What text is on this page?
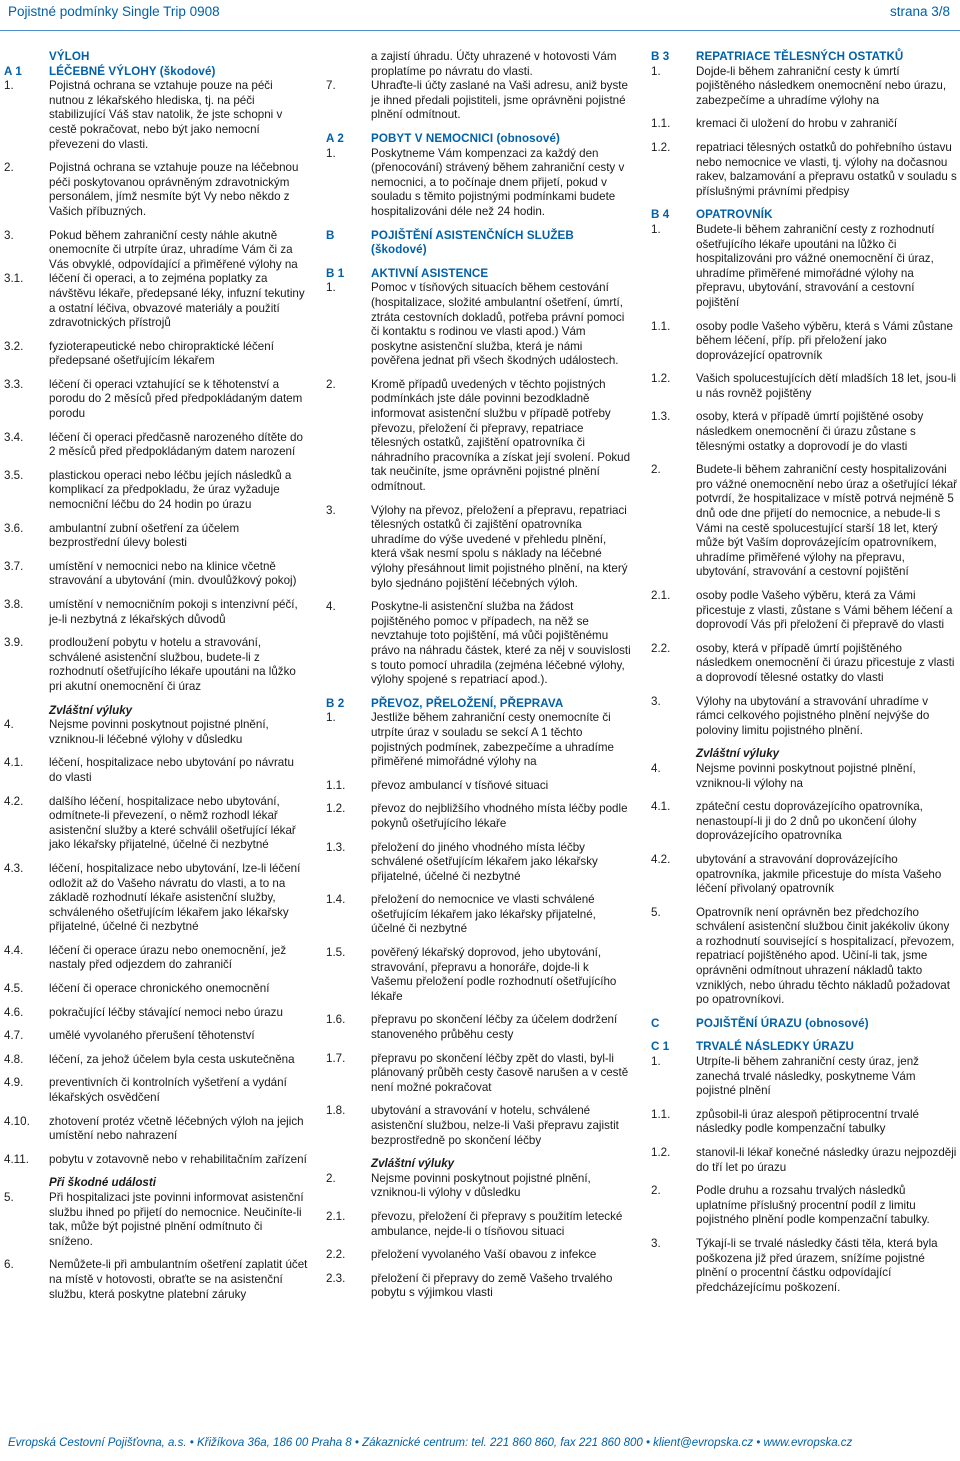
Pojistné podmínky Single Trip 0908	strana 3/8
VÝLOH
A 1	LÉČEBNÉ VÝLOHY (škodové)
1.	Pojistná ochrana se vztahuje pouze na péči nutnou z lékařského hlediska, tj. na péči stabilizující Váš stav natolik, že jste schopni v cestě pokračovat, nebo být jako nemocní převezeni do vlasti.
2.	Pojistná ochrana se vztahuje pouze na léčebnou péči poskytovanou oprávněným zdravotnickým personálem, jímž nesmíte být Vy nebo někdo z Vašich příbuzných.
3.	Pokud během zahraniční cesty náhle akutně onemocníte či utrpíte úraz, uhradíme Vám či za Vás obvyklé, odpovídající a přiměřené výlohy na
3.1.	léčení či operaci, a to zejména poplatky za návštěvu lékaře, předepsané léky, infuzní tekutiny a ostatní léčiva, obvazové materiály a použití zdravotnických přístrojů
3.2.	fyzioterapeutické nebo chiropraktické léčení předepsané ošetřujícím lékařem
3.3.	léčení či operaci vztahující se k těhotenství a porodu do 2 měsíců před předpokládaným datem porodu
3.4.	léčení či operaci předčasně narozeného dítěte do 2 měsíců před předpokládaným datem narození
3.5.	plastickou operaci nebo léčbu jejích následků a komplikací za předpokladu, že úraz vyžaduje nemocniční léčbu do 24 hodin po úrazu
3.6.	ambulantní zubní ošetření za účelem bezprostřední úlevy bolesti
3.7.	umístění v nemocnici nebo na klinice včetně stravování a ubytování (min. dvoulůžkový pokoj)
3.8.	umístění v nemocničním pokoji s intenzivní péčí, je-li nezbytná z lékařských důvodů
3.9.	prodloužení pobytu v hotelu a stravování, schválené asistenční službou, budete-li z rozhodnutí ošetřujícího lékaře upoutáni na lůžko pri akutní onemocnění či úraz
Zvláštní výluky
4.	Nejsme povinni poskytnout pojistné plnění, vzniknou-li léčebné výlohy v důsledku
4.1.	léčení, hospitalizace nebo ubytování po návratu do vlasti
4.2.	dalšího léčení, hospitalizace nebo ubytování, odmítnete-li převezení, o němž rozhodl lékař asistenční služby a které schválil ošetřující lékař jako lékařsky přijatelné, účelné či nezbytné
4.3.	léčení, hospitalizace nebo ubytování, lze-li léčení odložit až do Vašeho návratu do vlasti, a to na základě rozhodnutí lékaře asistenční služby, schváleného ošetřujícím lékařem jako lékařsky přijatelné, účelné či nezbytné
4.4.	léčení či operace úrazu nebo onemocnění, jež nastaly před odjezdem do zahraničí
4.5.	léčení či operace chronického onemocnění
4.6.	pokračující léčby stávající nemoci nebo úrazu
4.7.	umělé vyvolaného přerušení těhotenství
4.8.	léčení, za jehož účelem byla cesta uskutečněna
4.9.	preventivních či kontrolních vyšetření a vydání lékařských osvědčení
4.10.	zhotovení protéz včetně léčebných výloh na jejich umístění nebo nahrazení
4.11.	pobytu v zotavovně nebo v rehabilitačním zařízení
Při škodné události
5.	Při hospitalizaci jste povinni informovat asistenční službu ihned po přijetí do nemocnice. Neučiníte-li tak, může být pojistné plnění odmítnuto či sníženo.
6.	Nemůžete-li při ambulantním ošetření zaplatit účet na místě v hotovosti, obraťte se na asistenční službu, která poskytne platební záruky
a zajistí úhradu. Účty uhrazené v hotovosti Vám proplatíme po návratu do vlasti.
7.	Uhraďte-li účty zaslané na Vaši adresu, aniž byste je ihned předali pojistiteli, jsme oprávněni pojistné plnění odmítnout.
A 2	POBYT V NEMOCNICI (obnosové)
1.	Poskytneme Vám kompenzaci za každý den (přenocování) strávený během zahraniční cesty v nemocnici, a to počínaje dnem přijetí, pokud v souladu s těmito pojistnými podmínkami budete hospitalizováni déle než 24 hodin.
B	POJIŠTĚNÍ ASISTENČNÍCH SLUŽEB (škodové)
B 1	AKTIVNÍ ASISTENCE
1.	Pomoc v tísňových situacích během cestování (hospitalizace, složité ambulantní ošetření, úmrtí, ztráta cestovních dokladů, potřeba právní pomoci či kontaktu s rodinou ve vlasti apod.) Vám poskytne asistenční služba, která je námi pověřena jednat při všech škodných událostech.
2.	Kromě případů uvedených v těchto pojistných podmínkách jste dále povinni bezodkladně informovat asistenční službu v případě potřeby převozu, přeložení či přepravy, repatriace tělesných ostatků, zajištění opatrovníka či náhradního pracovníka a získat její svolení. Pokud tak neučiníte, jsme oprávněni pojistné plnění odmítnout.
3.	Výlohy na převoz, přeložení a přepravu, repatriaci tělesných ostatků či zajištění opatrovníka uhradíme do výše uvedené v přehledu plnění, která však nesmí spolu s náklady na léčebné výlohy přesáhnout limit pojistného plnění, na který bylo sjednáno pojištění léčebných výloh.
4.	Poskytne-li asistenční služba na žádost pojištěného pomoc v případech, na něž se nevztahuje toto pojištění, má vůči pojištěnému právo na náhradu částek, které za něj v souvislosti s touto pomocí uhradila (zejména léčebné výlohy, výlohy spojené s repatriací apod.).
B 2	PŘEVOZ, PŘELOŽENÍ, PŘEPRAVA
1.	Jestliže během zahraniční cesty onemocníte či utrpíte úraz v souladu se sekcí A 1 těchto pojistných podmínek, zabezpečíme a uhradíme přiměřené mimořádné výlohy na
1.1.	převoz ambulancí v tísňové situaci
1.2.	převoz do nejbližšího vhodného místa léčby podle pokynů ošetřujícího lékaře
1.3.	přeložení do jiného vhodného místa léčby schválené ošetřujícím lékařem jako lékařsky přijatelné, účelné či nezbytné
1.4.	přeložení do nemocnice ve vlasti schválené ošetřujícím lékařem jako lékařsky přijatelné, účelné či nezbytné
1.5.	pověřený lékařský doprovod, jeho ubytování, stravování, přepravu a honoráře, dojde-li k Vašemu přeložení podle rozhodnutí ošetřujícího lékaře
1.6.	přepravu po skončení léčby za účelem dodržení stanoveného průběhu cesty
1.7.	přepravu po skončení léčby zpět do vlasti, byl-li plánovaný průběh cesty časově narušen a v cestě není možné pokračovat
1.8.	ubytování a stravování v hotelu, schválené asistenční službou, nelze-li Vaši přepravu zajistit bezprostředně po skončení léčby
Zvláštní výluky
2.	Nejsme povinni poskytnout pojistné plnění, vzniknou-li výlohy v důsledku
2.1.	převozu, přeložení či přepravy s použitím letecké ambulance, nejde-li o tísňovou situaci
2.2.	přeložení vyvolaného Vaší obavou z infekce
2.3.	přeložení či přepravy do země Vašeho trvalého pobytu s výjimkou vlasti
B 3	REPATRIACE TĚLESNÝCH OSTATKŮ
1.	Dojde-li během zahraniční cesty k úmrtí pojištěného následkem onemocnění nebo úrazu, zabezpečíme a uhradíme výlohy na
1.1.	kremaci či uložení do hrobu v zahraničí
1.2.	repatriaci tělesných ostatků do pohřebního ústavu nebo nemocnice ve vlasti, tj. výlohy na dočasnou rakev, balzamování a přepravu ostatků v souladu s příslušnými právními předpisy
B 4	OPATROVNÍK
1.	Budete-li během zahraniční cesty z rozhodnutí ošetřujícího lékaře upoutáni na lůžko či hospitalizováni pro vážné onemocnění či úraz, uhradíme přiměřené mimořádné výlohy na přepravu, ubytování, stravování a cestovní pojištění
1.1.	osoby podle Vašeho výběru, která s Vámi zůstane během léčení, příp. při přeložení jako doprovázející opatrovník
1.2.	Vašich spolucestujících dětí mladších 18 let, jsou-li u nás rovněž pojištěny
1.3.	osoby, která v případě úmrtí pojištěné osoby následkem onemocnění či úrazu zůstane s tělesnými ostatky a doprovodí je do vlasti
2.	Budete-li během zahraniční cesty hospitalizováni pro vážné onemocnění nebo úraz a ošetřující lékař potvrdí, že hospitalizace v místě potrvá nejméně 5 dnů ode dne přijetí do nemocnice, a nebude-li s Vámi na cestě spolucestující starší 18 let, který může být Vaším doprovázejícím opatrovníkem, uhradíme přiměřené výlohy na přepravu, ubytování, stravování a cestovní pojištění
2.1.	osoby podle Vašeho výběru, která za Vámi přicestuje z vlasti, zůstane s Vámi během léčení a doprovodí Vás při přeložení či přepravě do vlasti
2.2.	osoby, která v případě úmrtí pojištěného následkem onemocnění či úrazu přicestuje z vlasti a doprovodí tělesné ostatky do vlasti
3.	Výlohy na ubytování a stravování uhradíme v rámci celkového pojistného plnění nejvýše do poloviny limitu pojistného plnění.
Zvláštní výluky
4.	Nejsme povinni poskytnout pojistné plnění, vzniknou-li výlohy na
4.1.	zpáteční cestu doprovázejícího opatrovníka, nenastoupí-li ji do 2 dnů po ukončení úlohy doprovázejícího opatrovníka
4.2.	ubytování a stravování doprovázejícího opatrovníka, jakmile přicestuje do místa Vašeho léčení přivolaný opatrovník
5.	Opatrovník není oprávněn bez předchozího schválení asistenční službou činit jakékoliv úkony a rozhodnutí související s hospitalizací, převozem, repatriací pojištěného apod. Učiní-li tak, jsme oprávněni odmítnout uhrazení nákladů takto vzniklých, nebo úhradu těchto nákladů požadovat po opatrovníkovi.
C	POJIŠTĚNÍ ÚRAZU (obnosové)
C 1	TRVALÉ NÁSLEDKY ÚRAZU
1.	Utrpíte-li během zahraniční cesty úraz, jenž zanechá trvalé následky, poskytneme Vám pojistné plnění
1.1.	způsobil-li úraz alespoň pětiprocentní trvalé následky podle kompenzační tabulky
1.2.	stanovil-li lékař konečné následky úrazu nejpozději do tří let po úrazu
2.	Podle druhu a rozsahu trvalých následků uplatníme příslušný procentní podíl z limitu pojistného plnění podle kompenzační tabulky.
3.	Týkají-li se trvalé následky části těla, která byla poškozena již před úrazem, snížíme pojistné plnění o procentní částku odpovídající předcházejícímu poškození.
Evropská Cestovní Pojišťovna, a.s. • Křižíkova 36a, 186 00 Praha 8 • Zákaznické centrum: tel. 221 860 860, fax 221 860 800 • klient@evropska.cz • www.evropska.cz
